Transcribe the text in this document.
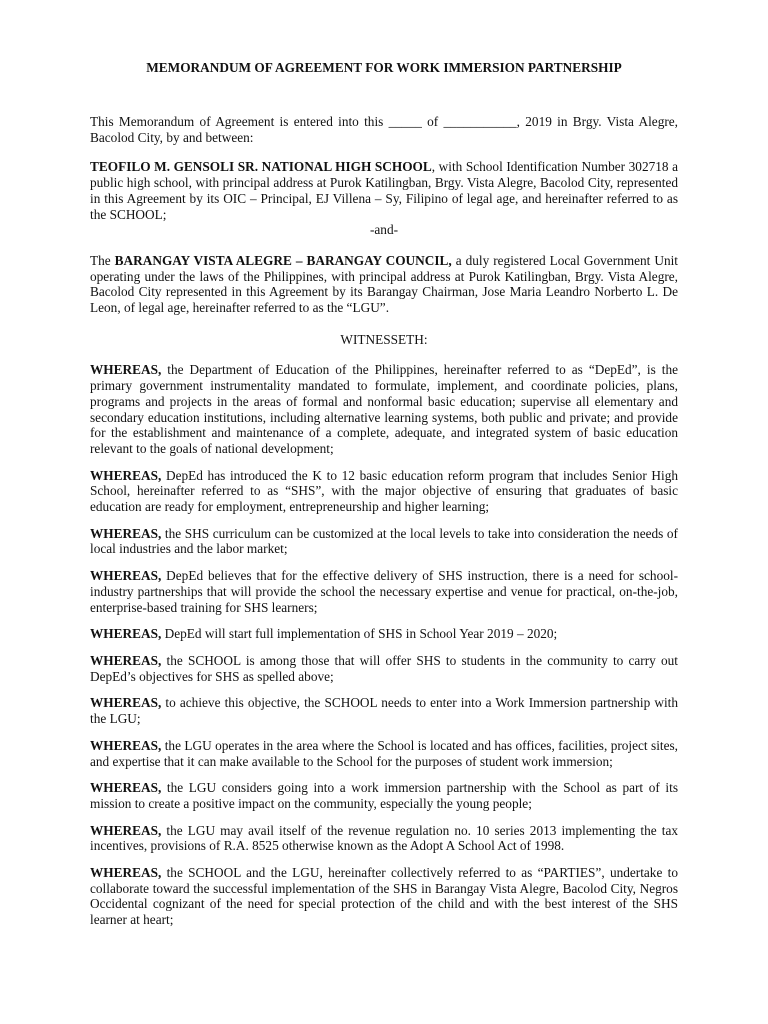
MEMORANDUM OF AGREEMENT FOR WORK IMMERSION PARTNERSHIP

This Memorandum of Agreement is entered into this _____ of ___________, 2019 in Brgy. Vista Alegre, Bacolod City, by and between:

TEOFILO M. GENSOLI SR. NATIONAL HIGH SCHOOL, with School Identification Number 302718 a public high school, with principal address at Purok Katilingban, Brgy. Vista Alegre, Bacolod City, represented in this Agreement by its OIC – Principal, EJ Villena – Sy, Filipino of legal age, and hereinafter referred to as the SCHOOL;

-and-

The BARANGAY VISTA ALEGRE – BARANGAY COUNCIL, a duly registered Local Government Unit operating under the laws of the Philippines, with principal address at Purok Katilingban, Brgy. Vista Alegre, Bacolod City represented in this Agreement by its Barangay Chairman, Jose Maria Leandro Norberto L. De Leon, of legal age, hereinafter referred to as the “LGU”.

WITNESSETH:

WHEREAS, the Department of Education of the Philippines, hereinafter referred to as “DepEd”, is the primary government instrumentality mandated to formulate, implement, and coordinate policies, plans, programs and projects in the areas of formal and nonformal basic education; supervise all elementary and secondary education institutions, including alternative learning systems, both public and private; and provide for the establishment and maintenance of a complete, adequate, and integrated system of basic education relevant to the goals of national development;

WHEREAS, DepEd has introduced the K to 12 basic education reform program that includes Senior High School, hereinafter referred to as “SHS”, with the major objective of ensuring that graduates of basic education are ready for employment, entrepreneurship and higher learning;

WHEREAS, the SHS curriculum can be customized at the local levels to take into consideration the needs of local industries and the labor market;

WHEREAS, DepEd believes that for the effective delivery of SHS instruction, there is a need for school-industry partnerships that will provide the school the necessary expertise and venue for practical, on-the-job, enterprise-based training for SHS learners;

WHEREAS, DepEd will start full implementation of SHS in School Year 2019 – 2020;

WHEREAS, the SCHOOL is among those that will offer SHS to students in the community to carry out DepEd’s objectives for SHS as spelled above;

WHEREAS, to achieve this objective, the SCHOOL needs to enter into a Work Immersion partnership with the LGU;

WHEREAS, the LGU operates in the area where the School is located and has offices, facilities, project sites, and expertise that it can make available to the School for the purposes of student work immersion;

WHEREAS, the LGU considers going into a work immersion partnership with the School as part of its mission to create a positive impact on the community, especially the young people;

WHEREAS, the LGU may avail itself of the revenue regulation no. 10 series 2013 implementing the tax incentives, provisions of R.A. 8525 otherwise known as the Adopt A School Act of 1998.

WHEREAS, the SCHOOL and the LGU, hereinafter collectively referred to as “PARTIES”, undertake to collaborate toward the successful implementation of the SHS in Barangay Vista Alegre, Bacolod City, Negros Occidental cognizant of the need for special protection of the child and with the best interest of the SHS learner at heart;
